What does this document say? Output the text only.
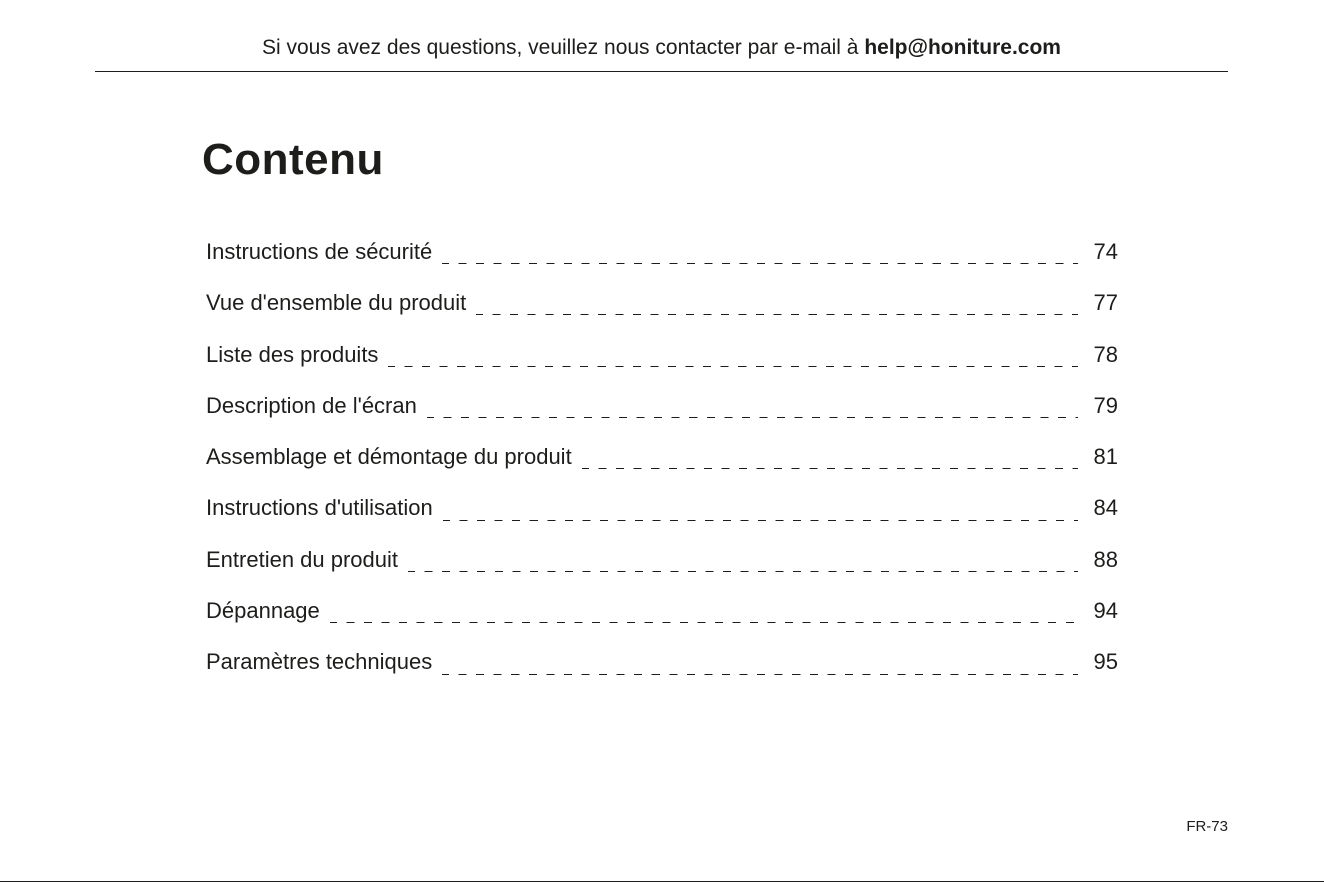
Si vous avez des questions, veuillez nous contacter par e-mail à help@honiture.com
Contenu
Instructions de sécurité	74
Vue d'ensemble du produit	77
Liste des produits	78
Description de l'écran	79
Assemblage et démontage du produit	81
Instructions d'utilisation	84
Entretien du produit	88
Dépannage	94
Paramètres techniques	95
FR-73
